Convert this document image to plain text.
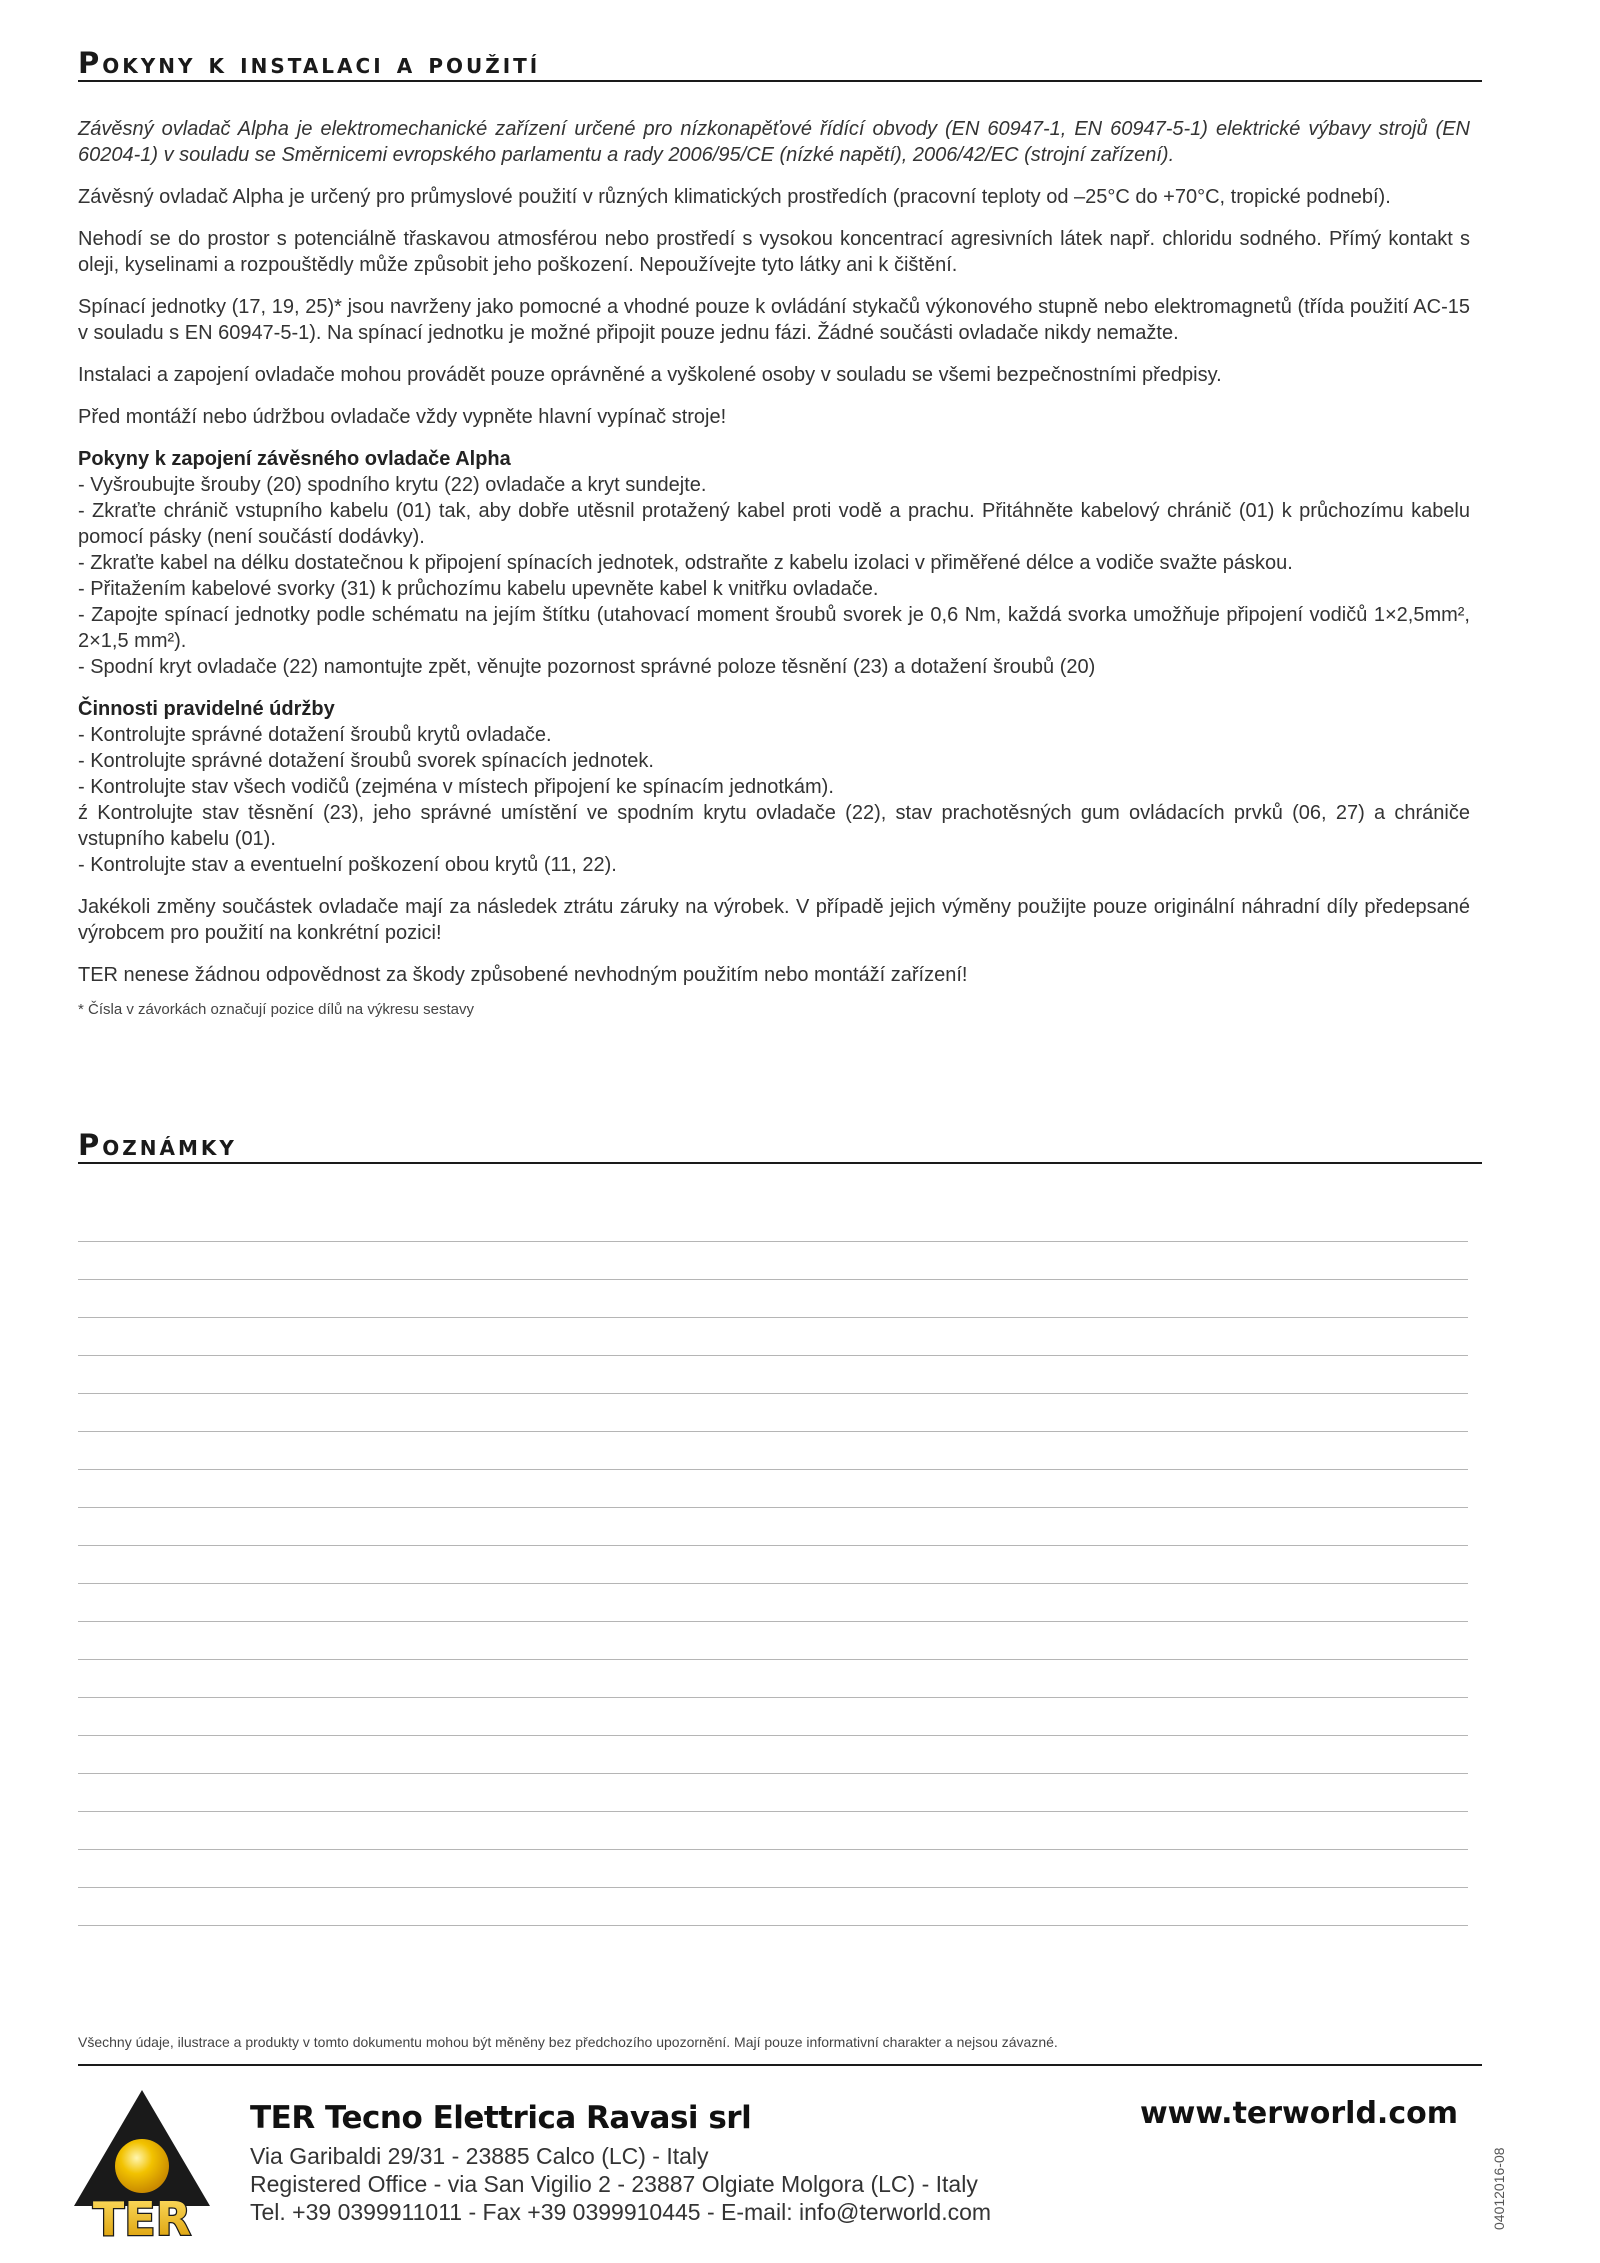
Pokyny k instalaci a použití

Závěsný ovladač Alpha je elektromechanické zařízení určené pro nízkonapěťové řídící obvody (EN 60947-1, EN 60947-5-1) elektrické výbavy strojů (EN 60204-1) v souladu se Směrnicemi evropského parlamentu a rady 2006/95/CE (nízké napětí), 2006/42/EC (strojní zařízení).

Závěsný ovladač Alpha je určený pro průmyslové použití v různých klimatických prostředích (pracovní teploty od –25°C do +70°C, tropické podnebí).

Nehodí se do prostor s potenciálně třaskavou atmosférou nebo prostředí s vysokou koncentrací agresivních látek např. chloridu sodného. Přímý kontakt s oleji, kyselinami a rozpouštědly může způsobit jeho poškození. Nepoužívejte tyto látky ani k čištění.

Spínací jednotky (17, 19, 25)* jsou navrženy jako pomocné a vhodné pouze k ovládání stykačů výkonového stupně nebo elektromagnetů (třída použití AC-15 v souladu s EN 60947-5-1). Na spínací jednotku je možné připojit pouze jednu fázi. Žádné součásti ovladače nikdy nemažte.

Instalaci a zapojení ovladače mohou provádět pouze oprávněné a vyškolené osoby v souladu se všemi bezpečnostními předpisy.

Před montáží nebo údržbou ovladače vždy vypněte hlavní vypínač stroje!

Pokyny k zapojení závěsného ovladače Alpha
- Vyšroubujte šrouby (20) spodního krytu (22) ovladače a kryt sundejte.
- Zkraťte chránič vstupního kabelu (01) tak, aby dobře utěsnil protažený kabel proti vodě a prachu. Přitáhněte kabelový chránič (01) k průchozímu kabelu pomocí pásky (není součástí dodávky).
- Zkraťte kabel na délku dostatečnou k připojení spínacích jednotek, odstraňte z kabelu izolaci v přiměřené délce a vodiče svažte páskou.
- Přitažením kabelové svorky (31) k průchozímu kabelu upevněte kabel k vnitřku ovladače.
- Zapojte spínací jednotky podle schématu na jejím štítku (utahovací moment šroubů svorek je 0,6 Nm, každá svorka umožňuje připojení vodičů 1×2,5mm², 2×1,5 mm²).
- Spodní kryt ovladače (22) namontujte zpět, věnujte pozornost správné poloze těsnění (23) a dotažení šroubů (20)
Činnosti pravidelné údržby
- Kontrolujte správné dotažení šroubů krytů ovladače.
- Kontrolujte správné dotažení šroubů svorek spínacích jednotek.
- Kontrolujte stav všech vodičů (zejména v místech připojení ke spínacím jednotkám).
ź Kontrolujte stav těsnění (23), jeho správné umístění ve spodním krytu ovladače (22), stav prachotěsných gum ovládacích prvků (06, 27) a chrániče vstupního kabelu (01).
- Kontrolujte stav a eventuelní poškození obou krytů (11, 22).

Jakékoli změny součástek ovladače mají za následek ztrátu záruky na výrobek. V případě jejich výměny použijte pouze originální náhradní díly předepsané výrobcem pro použití na konkrétní pozici!

TER nenese žádnou odpovědnost za škody způsobené nevhodným použitím nebo montáží zařízení!

* Čísla v závorkách označují pozice dílů na výkresu sestavy

Poznámky
Všechny údaje, ilustrace a produkty v tomto dokumentu mohou být měněny bez předchozího upozornění. Mají pouze informativní charakter a nejsou závazné.
TER
TER Tecno Elettrica Ravasi srl
Via Garibaldi 29/31 - 23885 Calco (LC) - Italy
Registered Office - via San Vigilio 2 - 23887 Olgiate Molgora (LC) - Italy
Tel. +39 0399911011 - Fax +39 0399910445 - E-mail: info@terworld.com
www.terworld.com
04012016-08
